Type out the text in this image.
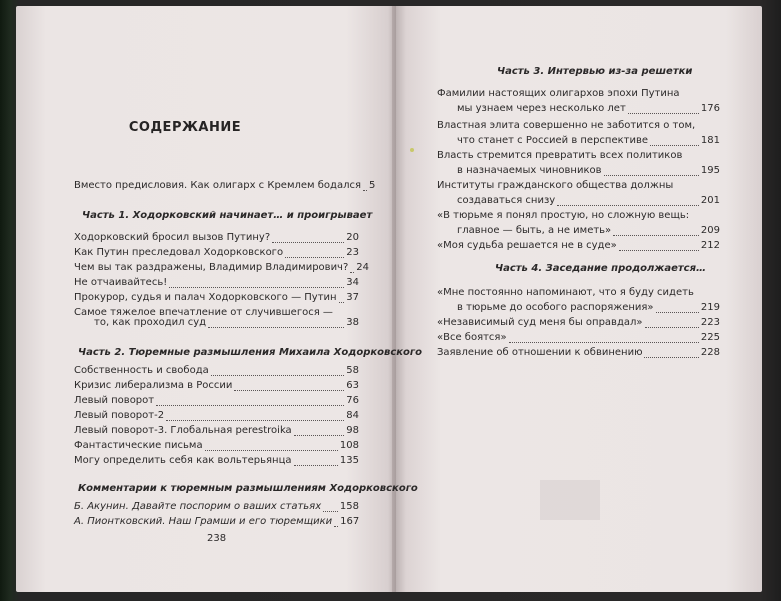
СОДЕРЖАНИЕ
Вместо предисловия. Как олигарх с Кремлем бодался 5
Часть 1. Ходорковский начинает… и проигрывает
Ходорковский бросил вызов Путину?	20
Как Путин преследовал Ходорковского	23
Чем вы так раздражены, Владимир Владимирович? 24
Не отчаивайтесь!	34
Прокурор, судья и палач Ходорковского — Путин 37
Самое тяжелое впечатление от случившегося —
то, как проходил суд	38
Часть 2. Тюремные размышления Михаила Ходорковского
Собственность и свобода	58
Кризис либерализма в России	63
Левый поворот	76
Левый поворот-2	84
Левый поворот-3. Глобальная perestroika	98
Фантастические письма	108
Могу определить себя как вольтерьянца	135
Комментарии к тюремным размышлениям Ходорковского
Б. Акунин. Давайте поспорим о ваших статьях 158
А. Пионтковский. Наш Грамши и его тюремщики 167
238
Часть 3. Интервью из-за решетки
Фамилии настоящих олигархов эпохи Путина
мы узнаем через несколько лет	176
Властная элита совершенно не заботится о том,
что станет с Россией в перспективе	181
Власть стремится превратить всех политиков
в назначаемых чиновников	195
Институты гражданского общества должны
создаваться снизу	201
«В тюрьме я понял простую, но сложную вещь:
главное — быть, а не иметь»	209
«Моя судьба решается не в суде»	212
Часть 4. Заседание продолжается…
«Мне постоянно напоминают, что я буду сидеть
в тюрьме до особого распоряжения»	219
«Независимый суд меня бы оправдал»	223
«Все боятся»	225
Заявление об отношении к обвинению	228
